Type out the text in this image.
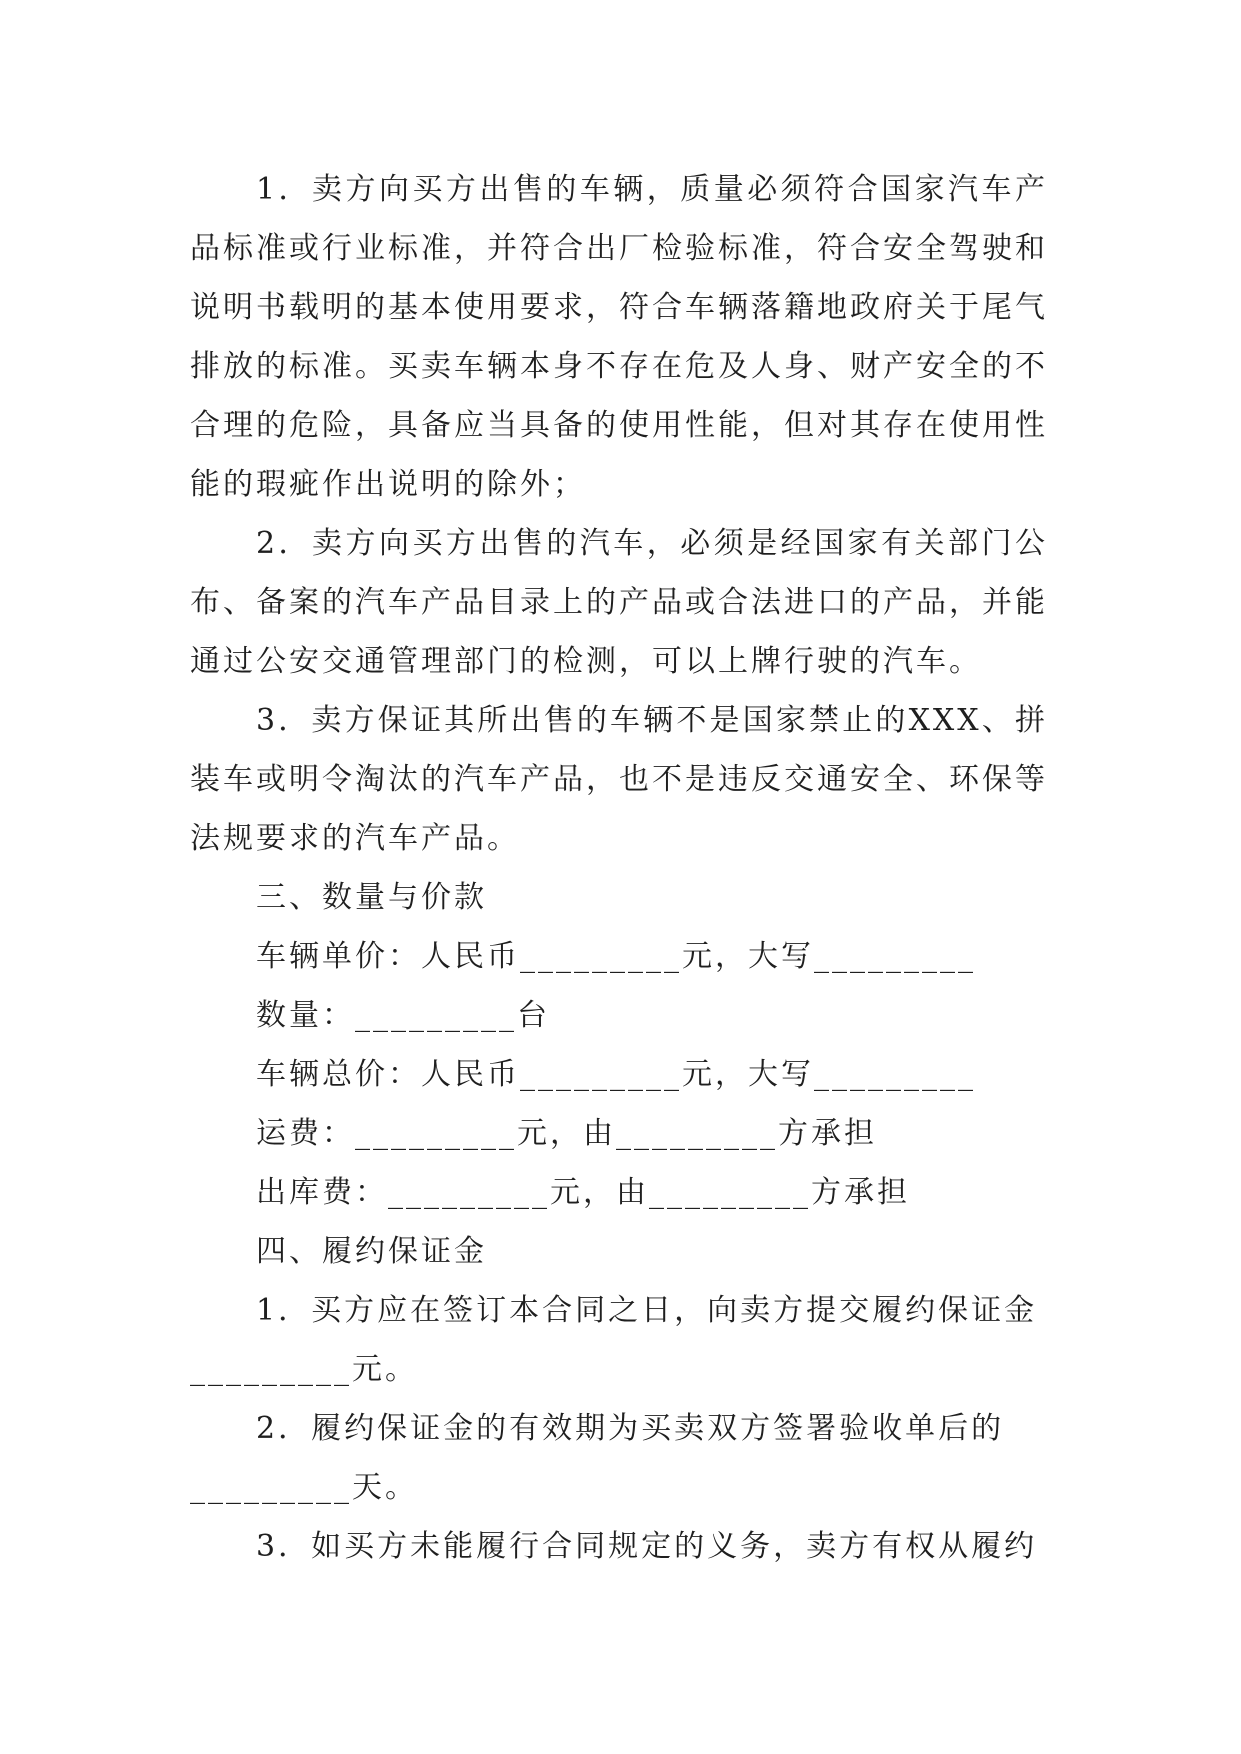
1．卖方向买方出售的车辆，质量必须符合国家汽车产品标准或行业标准，并符合出厂检验标准，符合安全驾驶和说明书载明的基本使用要求，符合车辆落籍地政府关于尾气排放的标准。买卖车辆本身不存在危及人身、财产安全的不合理的危险，具备应当具备的使用性能，但对其存在使用性能的瑕疵作出说明的除外；

2．卖方向买方出售的汽车，必须是经国家有关部门公布、备案的汽车产品目录上的产品或合法进口的产品，并能通过公安交通管理部门的检测，可以上牌行驶的汽车。

3．卖方保证其所出售的车辆不是国家禁止的XXX、拼装车或明令淘汰的汽车产品，也不是违反交通安全、环保等法规要求的汽车产品。

三、数量与价款

车辆单价：人民币_________元，大写_________

数量：_________台

车辆总价：人民币_________元，大写_________

运费：_________元，由_________方承担

出库费：_________元，由_________方承担

四、履约保证金

1．买方应在签订本合同之日，向卖方提交履约保证金

_________元。

2．履约保证金的有效期为买卖双方签署验收单后的

_________天。

3．如买方未能履行合同规定的义务，卖方有权从履约
